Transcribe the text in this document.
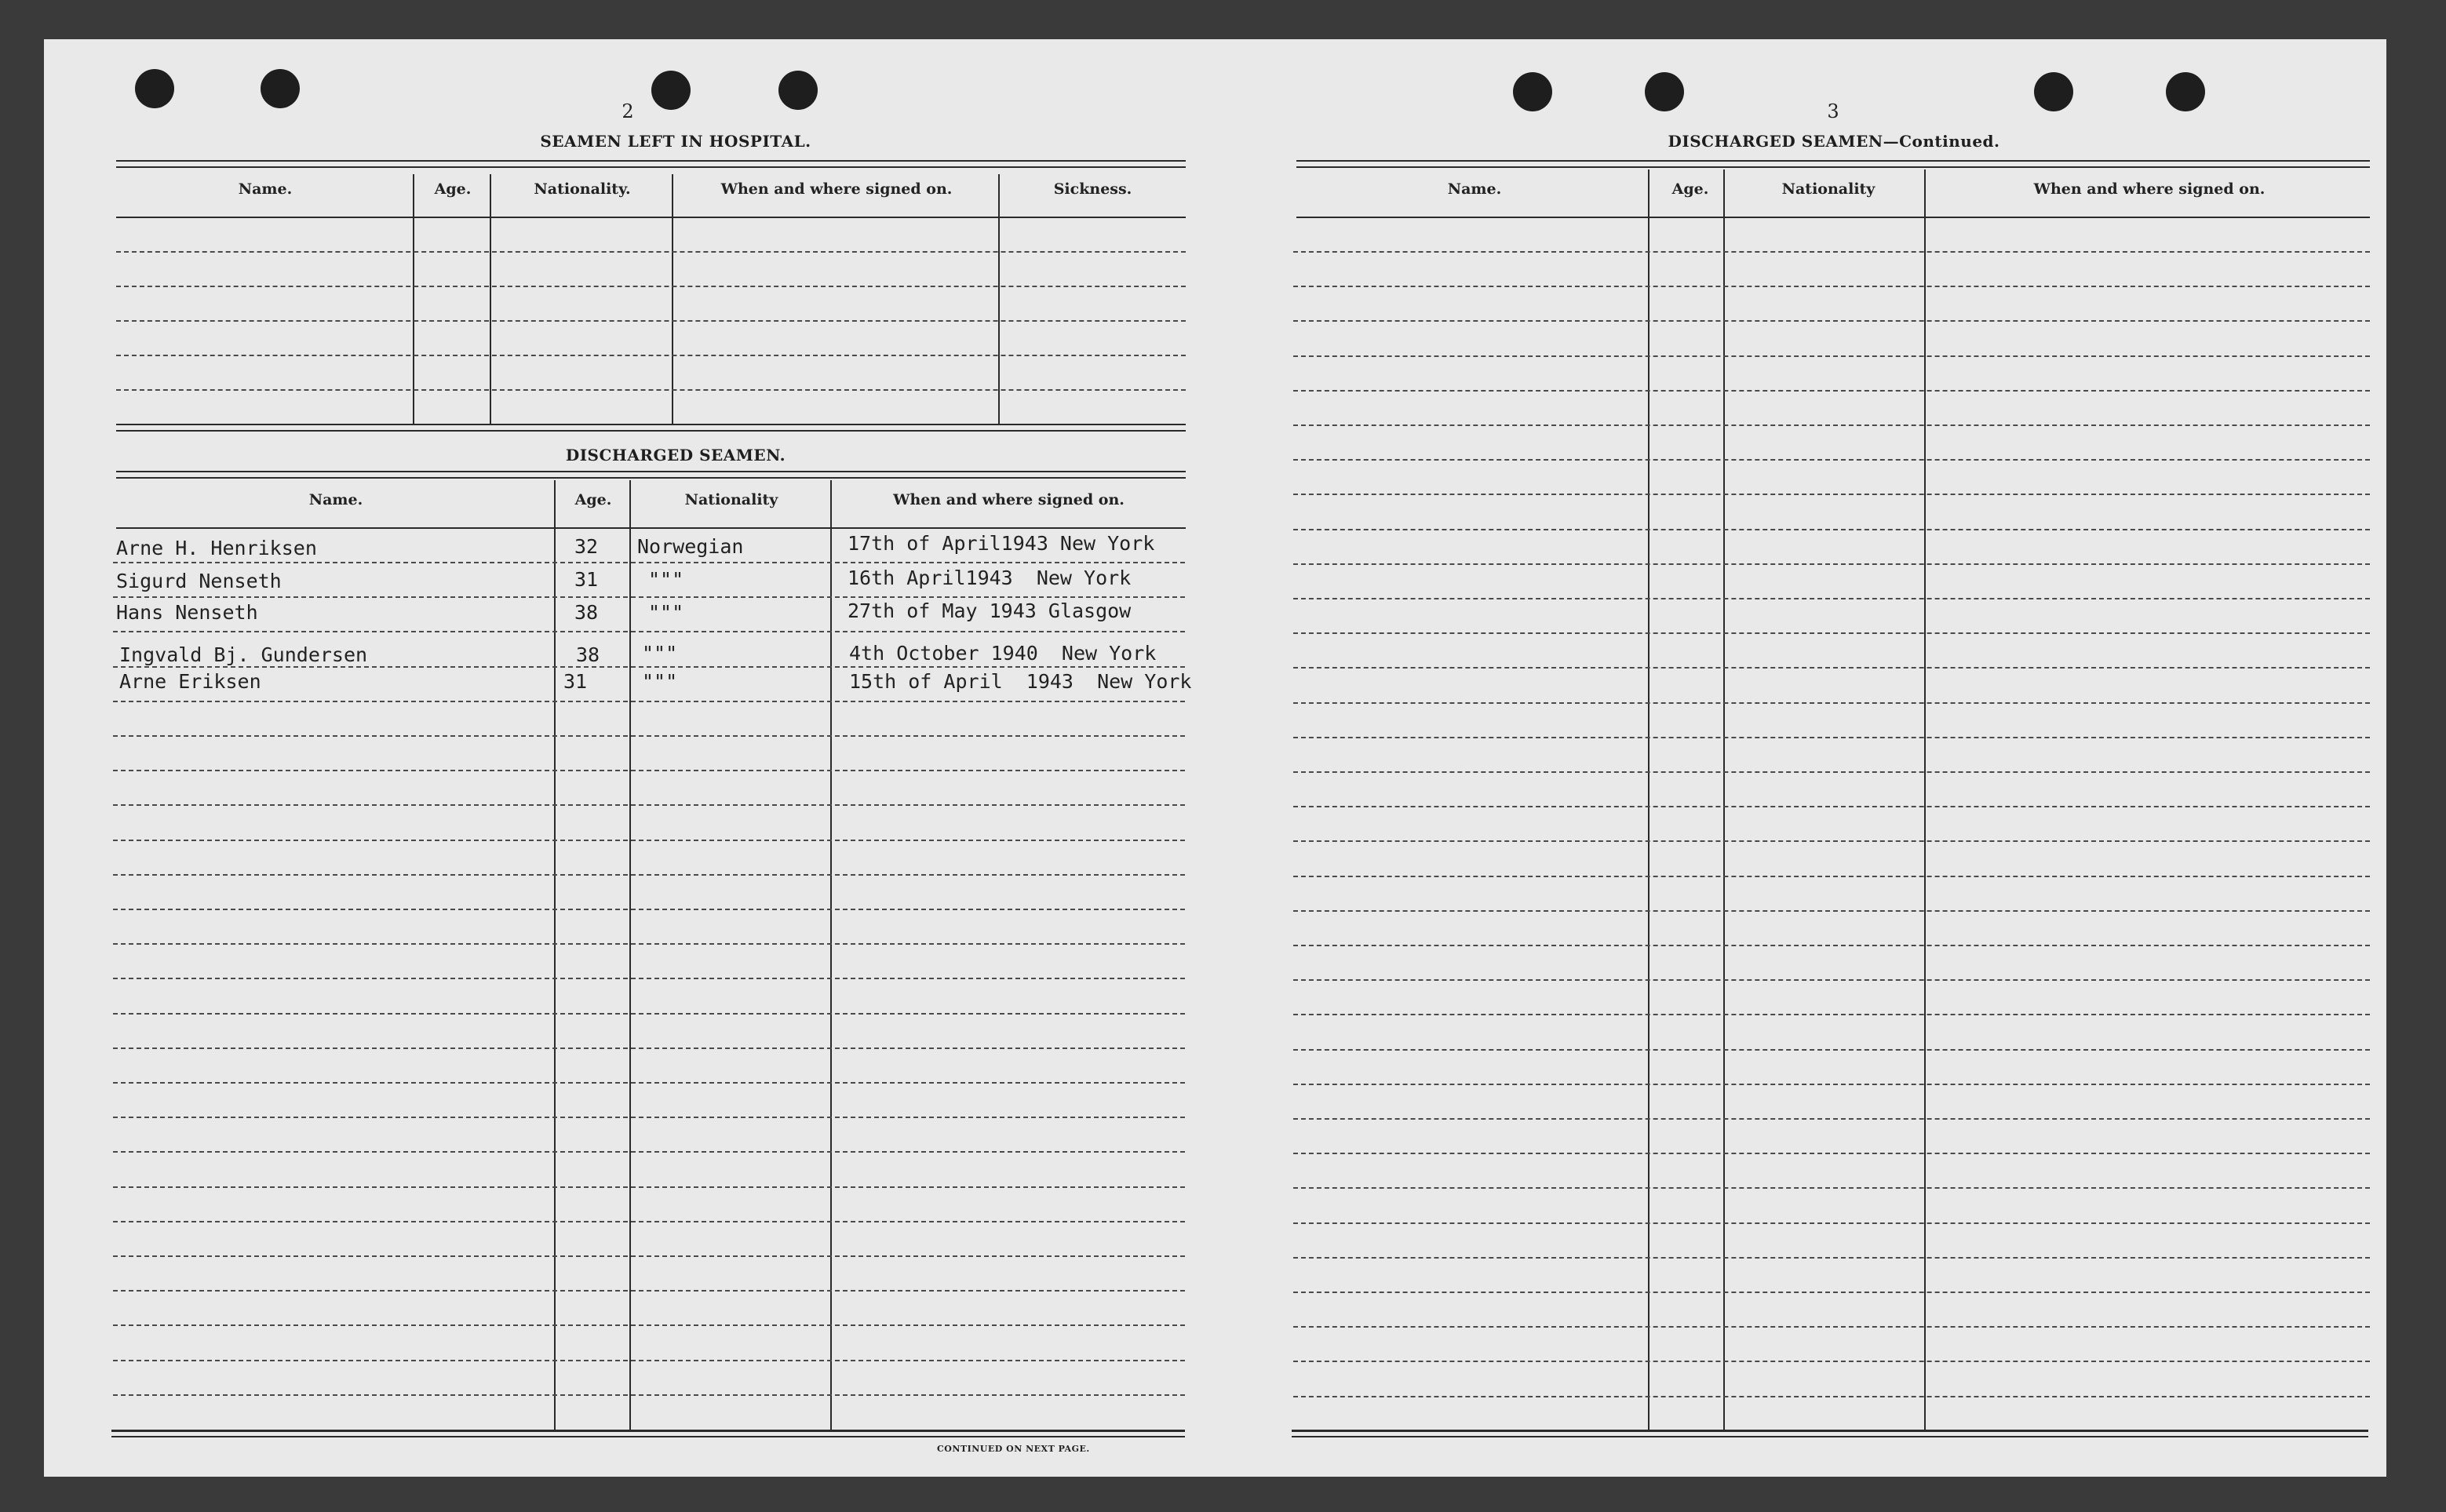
2
SEAMEN LEFT IN HOSPITAL.
Name.	Age.	Nationality.	When and where signed on.	Sickness.
DISCHARGED SEAMEN.
Name.	Age.	Nationality	When and where signed on.
Arne H. Henriksen	32 Norwegian	17th of April1943 New York
Sigurd Nenseth	31	"""	16th April1943  New York
Hans Nenseth	38	"""	27th of May 1943 Glasgow
Ingvald Bj. Gundersen	38 """	4th October 1940  New York
Arne Eriksen	31	"""	15th of April  1943  New York
CONTINUED ON NEXT PAGE.
3
DISCHARGED SEAMEN—Continued.
Name.	Age.	Nationality	When and where signed on.
